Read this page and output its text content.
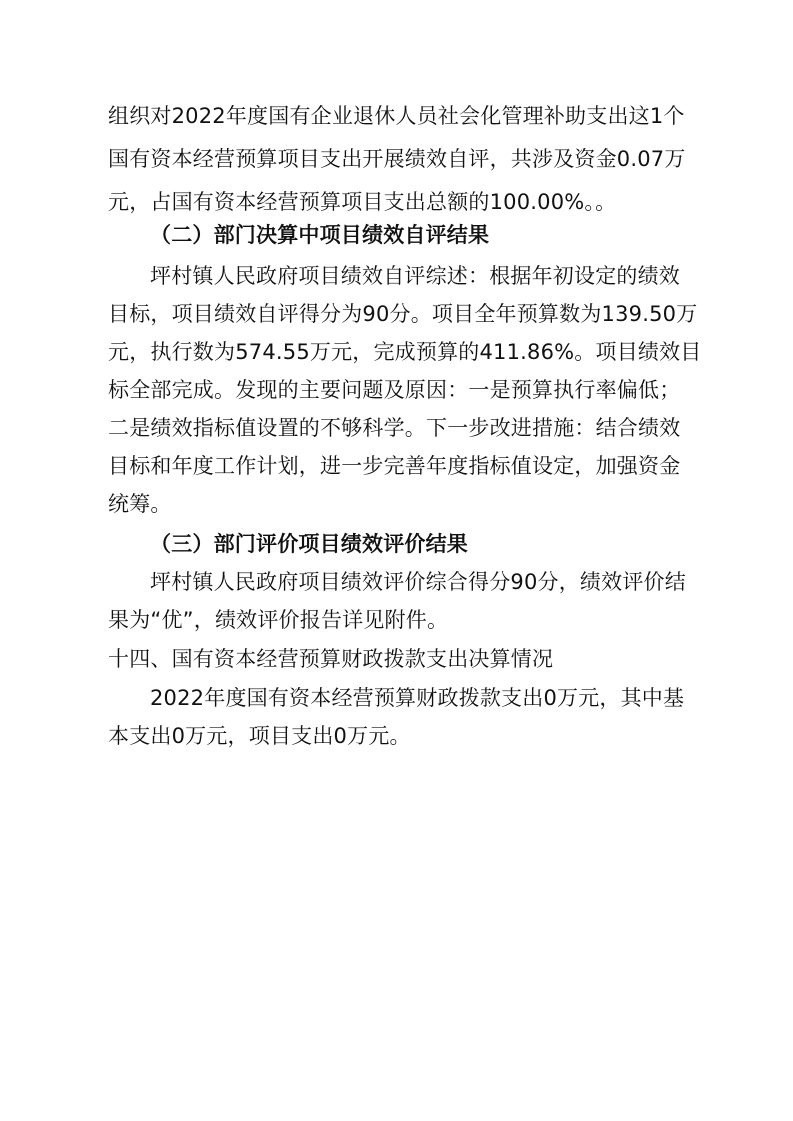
组织对2022年度国有企业退休人员社会化管理补助支出这1个
国有资本经营预算项目支出开展绩效自评，共涉及资金0.07万
元，占国有资本经营预算项目支出总额的100.00%。。
（二）部门决算中项目绩效自评结果
坪村镇人民政府项目绩效自评综述：根据年初设定的绩效
目标，项目绩效自评得分为90分。项目全年预算数为139.50万
元，执行数为574.55万元，完成预算的411.86%。项目绩效目
标全部完成。发现的主要问题及原因：一是预算执行率偏低；
二是绩效指标值设置的不够科学。下一步改进措施：结合绩效
目标和年度工作计划，进一步完善年度指标值设定，加强资金
统筹。
（三）部门评价项目绩效评价结果
坪村镇人民政府项目绩效评价综合得分90分，绩效评价结
果为“优”，绩效评价报告详见附件。
十四、国有资本经营预算财政拨款支出决算情况
2022年度国有资本经营预算财政拨款支出0万元，其中基
本支出0万元，项目支出0万元。
